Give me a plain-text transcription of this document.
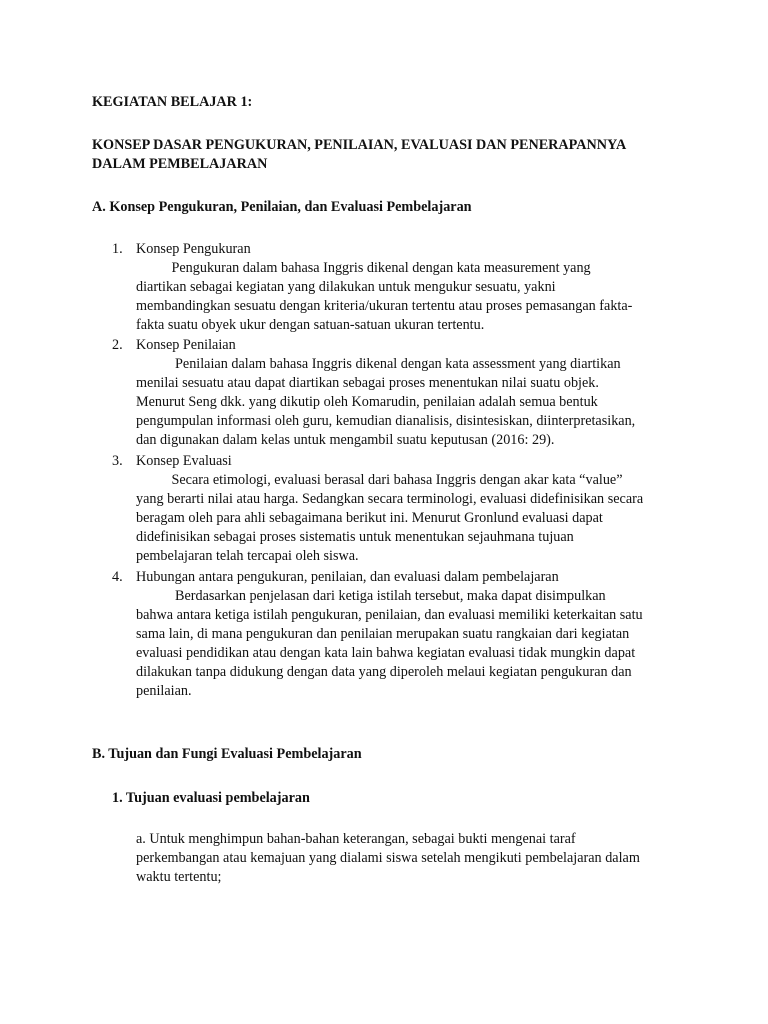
KEGIATAN BELAJAR 1:

KONSEP DASAR PENGUKURAN, PENILAIAN, EVALUASI DAN PENERAPANNYA
DALAM PEMBELAJARAN

A. Konsep Pengukuran, Penilaian, dan Evaluasi Pembelajaran

1. Konsep Pengukuran
Pengukuran dalam bahasa Inggris dikenal dengan kata measurement yang
diartikan sebagai kegiatan yang dilakukan untuk mengukur sesuatu, yakni
membandingkan sesuatu dengan kriteria/ukuran tertentu atau proses pemasangan fakta-
fakta suatu obyek ukur dengan satuan-satuan ukuran tertentu.
2. Konsep Penilaian
Penilaian dalam bahasa Inggris dikenal dengan kata assessment yang diartikan
menilai sesuatu atau dapat diartikan sebagai proses menentukan nilai suatu objek.
Menurut Seng dkk. yang dikutip oleh Komarudin, penilaian adalah semua bentuk
pengumpulan informasi oleh guru, kemudian dianalisis, disintesiskan, diinterpretasikan,
dan digunakan dalam kelas untuk mengambil suatu keputusan (2016: 29).
3. Konsep Evaluasi
Secara etimologi, evaluasi berasal dari bahasa Inggris dengan akar kata “value”
yang berarti nilai atau harga. Sedangkan secara terminologi, evaluasi didefinisikan secara
beragam oleh para ahli sebagaimana berikut ini. Menurut Gronlund evaluasi dapat
didefinisikan sebagai proses sistematis untuk menentukan sejauhmana tujuan
pembelajaran telah tercapai oleh siswa.
4. Hubungan antara pengukuran, penilaian, dan evaluasi dalam pembelajaran
Berdasarkan penjelasan dari ketiga istilah tersebut, maka dapat disimpulkan
bahwa antara ketiga istilah pengukuran, penilaian, dan evaluasi memiliki keterkaitan satu
sama lain, di mana pengukuran dan penilaian merupakan suatu rangkaian dari kegiatan
evaluasi pendidikan atau dengan kata lain bahwa kegiatan evaluasi tidak mungkin dapat
dilakukan tanpa didukung dengan data yang diperoleh melaui kegiatan pengukuran dan
penilaian.

B. Tujuan dan Fungi Evaluasi Pembelajaran

1. Tujuan evaluasi pembelajaran

a. Untuk menghimpun bahan-bahan keterangan, sebagai bukti mengenai taraf
perkembangan atau kemajuan yang dialami siswa setelah mengikuti pembelajaran dalam
waktu tertentu;
